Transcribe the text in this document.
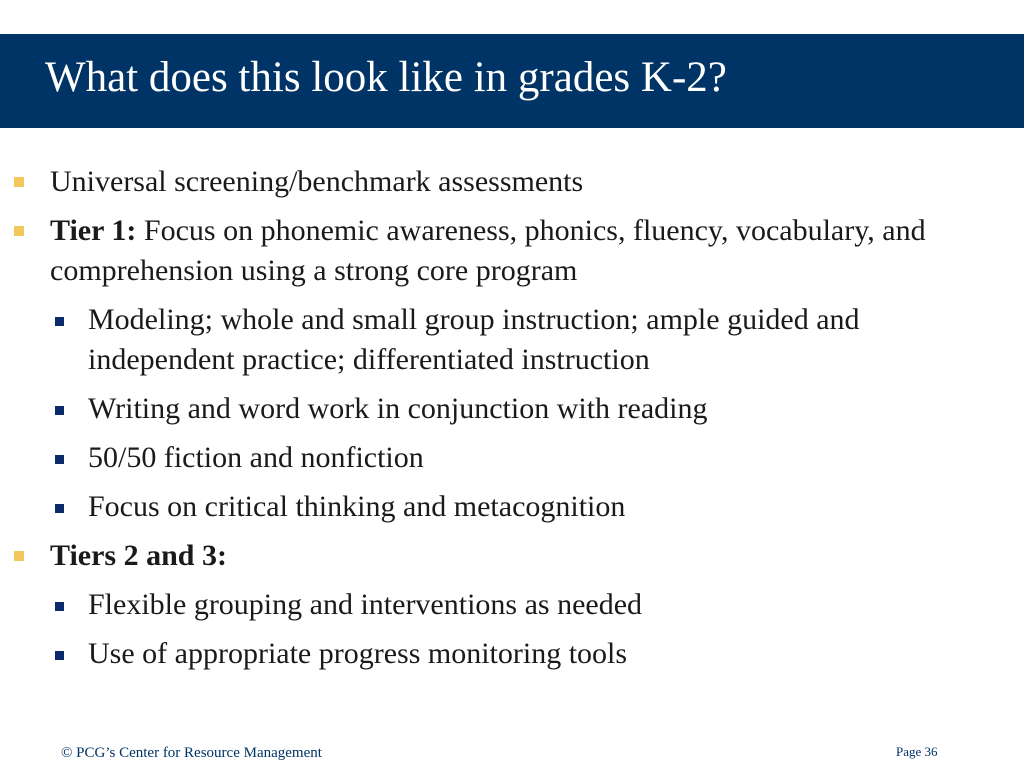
What does this look like in grades K-2?
Universal screening/benchmark assessments
Tier 1: Focus on phonemic awareness, phonics, fluency, vocabulary, and comprehension using a strong core program
Modeling; whole and small group instruction; ample guided and independent practice; differentiated instruction
Writing and word work in conjunction with reading
50/50 fiction and nonfiction
Focus on critical thinking and metacognition
Tiers 2 and 3:
Flexible grouping and interventions as needed
Use of appropriate progress monitoring tools
© PCG’s Center for Resource Management	Page 36
